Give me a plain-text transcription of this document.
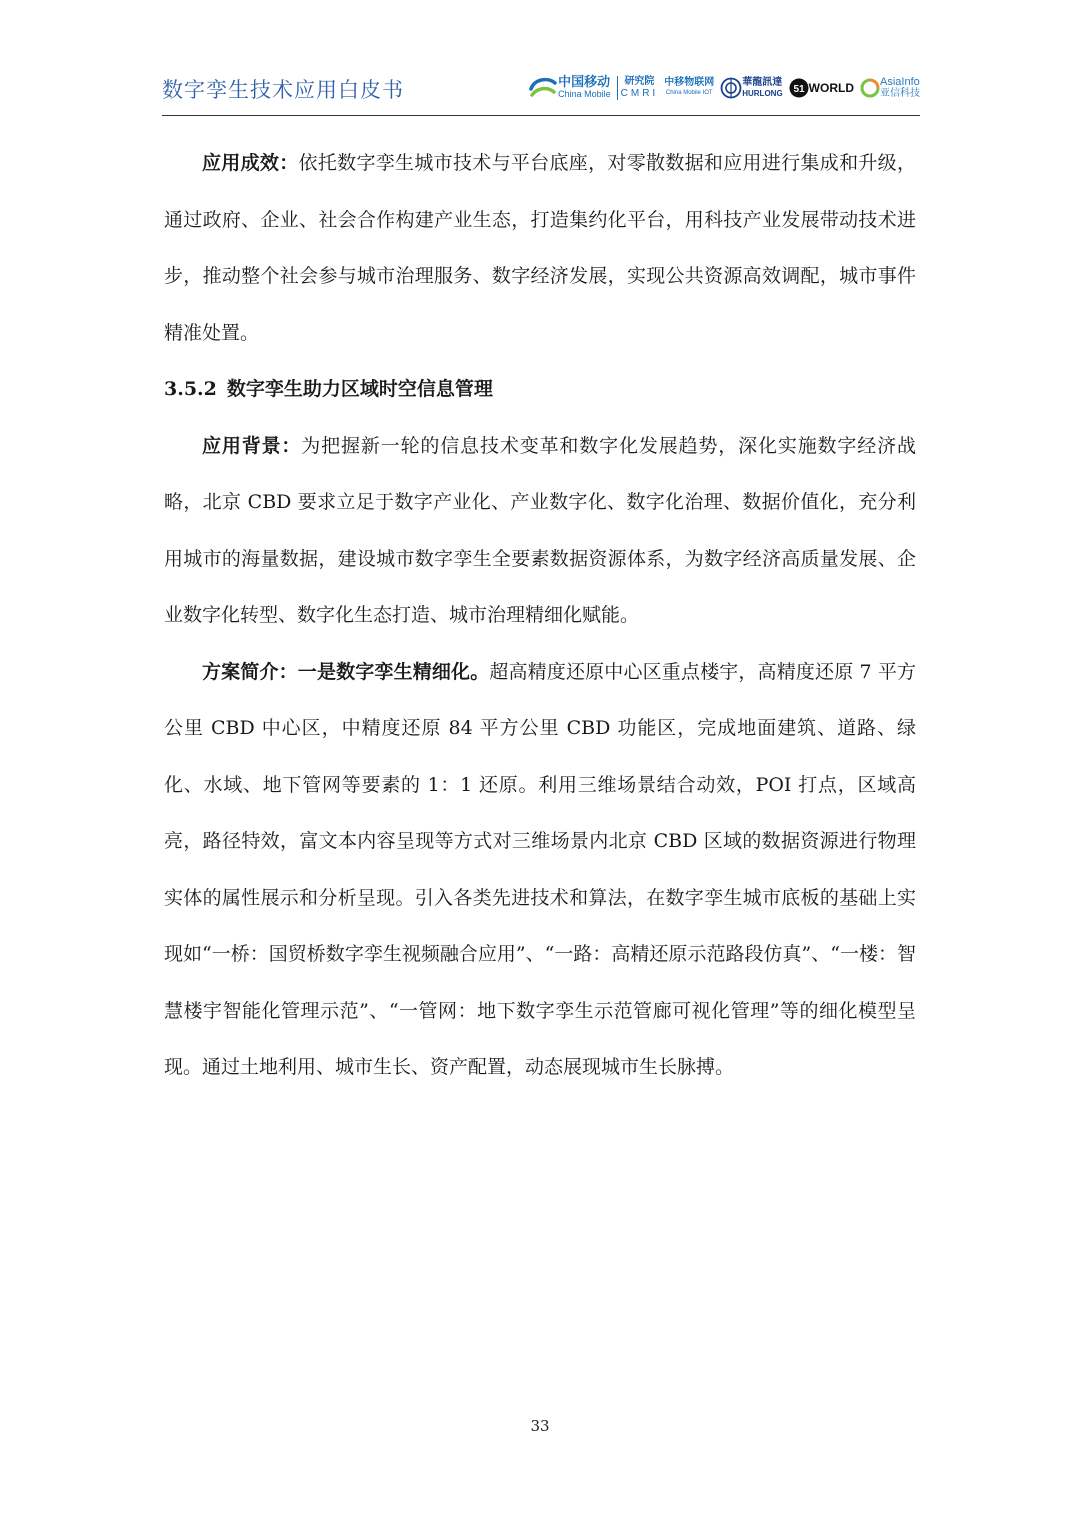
数字孪生技术应用白皮书	中国移动
China Mobile
研究院
CMRI
中移物联网
China Mobile IOT
華龍訊達
HURLONG 51 WORLD AsiaInfo
亚信科技

应用成效：依托数字孪生城市技术与平台底座，对零散数据和应用进行集成和升级，通过政府、企业、社会合作构建产业生态，打造集约化平台，用科技产业发展带动技术进步，推动整个社会参与城市治理服务、数字经济发展，实现公共资源高效调配，城市事件精准处置。

3.5.2 数字孪生助力区域时空信息管理

应用背景：为把握新一轮的信息技术变革和数字化发展趋势，深化实施数字经济战略，北京 CBD 要求立足于数字产业化、产业数字化、数字化治理、数据价值化，充分利用城市的海量数据，建设城市数字孪生全要素数据资源体系，为数字经济高质量发展、企业数字化转型、数字化生态打造、城市治理精细化赋能。

方案简介：一是数字孪生精细化。超高精度还原中心区重点楼宇，高精度还原 7 平方公里 CBD 中心区，中精度还原 84 平方公里 CBD 功能区，完成地面建筑、道路、绿化、水域、地下管网等要素的 1：1 还原。利用三维场景结合动效，POI 打点，区域高亮，路径特效，富文本内容呈现等方式对三维场景内北京 CBD 区域的数据资源进行物理实体的属性展示和分析呈现。引入各类先进技术和算法，在数字孪生城市底板的基础上实现如“一桥：国贸桥数字孪生视频融合应用”、“一路：高精还原示范路段仿真”、“一楼：智慧楼宇智能化管理示范”、“一管网：地下数字孪生示范管廊可视化管理”等的细化模型呈现。通过土地利用、城市生长、资产配置，动态展现城市生长脉搏。

33
